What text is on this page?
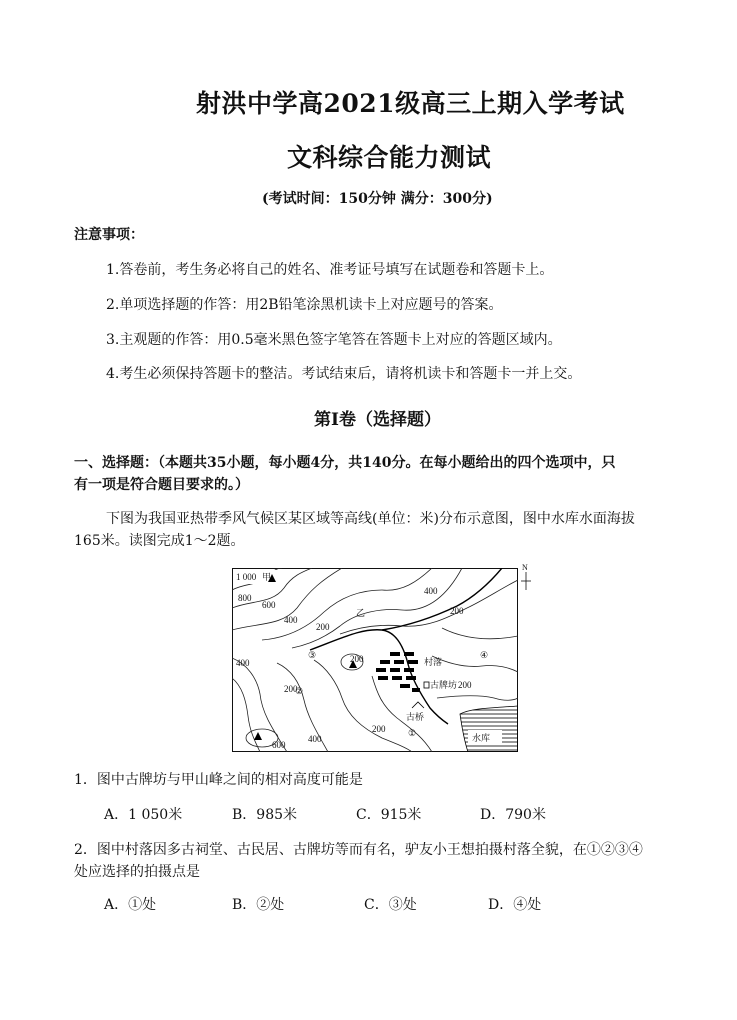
射洪中学高2021级高三上期入学考试
文科综合能力测试
(考试时间：150分钟 满分：300分)
注意事项：
1.答卷前，考生务必将自己的姓名、准考证号填写在试题卷和答题卡上。
2.单项选择题的作答：用2B铅笔涂黑机读卡上对应题号的答案。
3.主观题的作答：用0.5毫米黑色签字笔答在答题卡上对应的答题区域内。
4.考生必须保持答题卡的整洁。考试结束后，请将机读卡和答题卡一并上交。
第Ⅰ卷（选择题）
一、选择题：（本题共35小题，每小题4分，共140分。在每小题给出的四个选项中，只
有一项是符合题目要求的。）
下图为我国亚热带季风气候区某区域等高线(单位：米)分布示意图，图中水库水面海拔
165米。读图完成1～2题。
水库
1 000 甲
800
600
400
200
400
200
200
400
600
200
200
400
200
乙
村落
古牌坊
古桥
①
②
③	④
N
1．图中古牌坊与甲山峰之间的相对高度可能是
A．1 050米	B．985米	C．915米	D．790米
2．图中村落因多古祠堂、古民居、古牌坊等而有名，驴友小王想拍摄村落全貌，在①②③④
处应选择的拍摄点是
A．①处	B．②处	C．③处	D．④处
